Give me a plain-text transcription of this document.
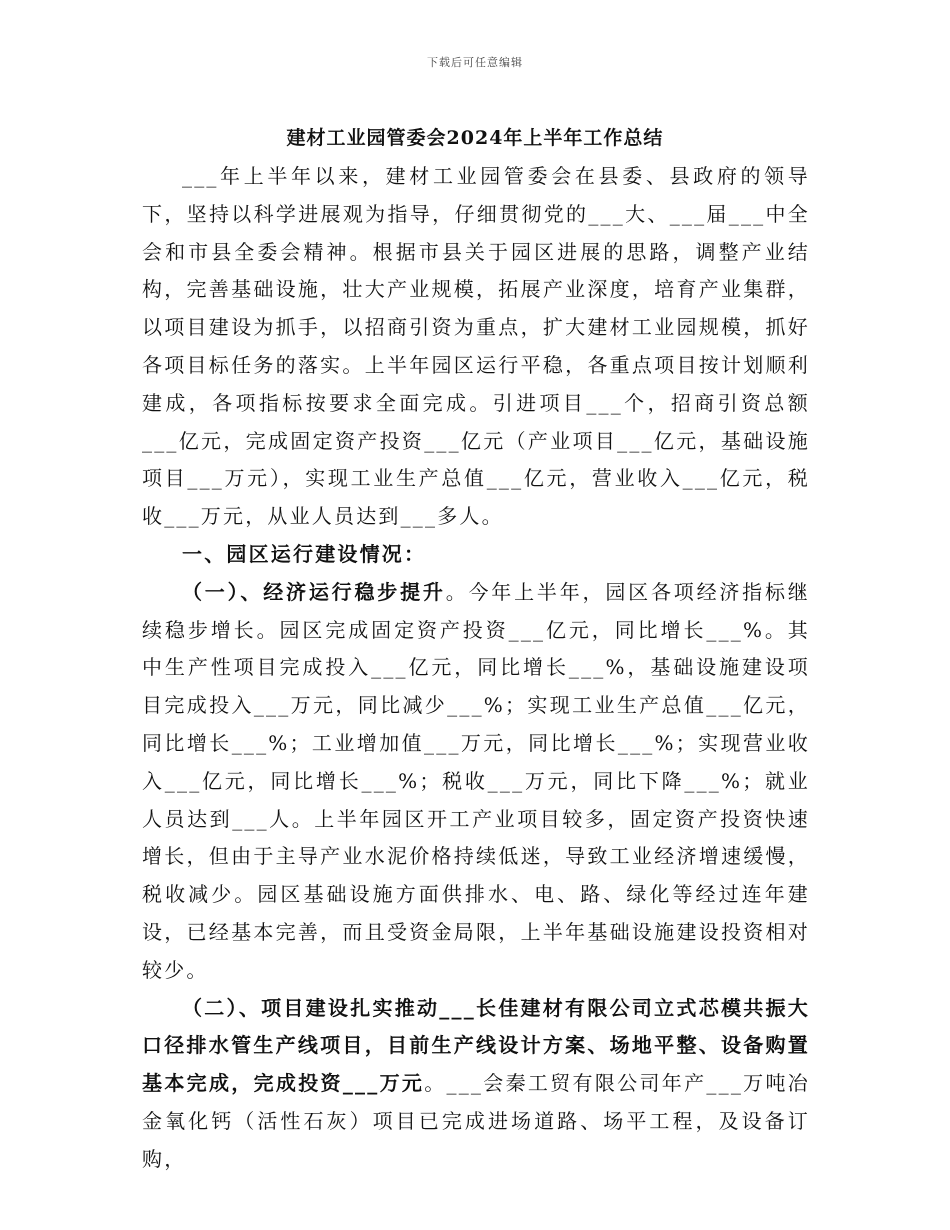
下载后可任意编辑
建材工业园管委会2024年上半年工作总结

___年上半年以来，建材工业园管委会在县委、县政府的领导下，坚持以科学进展观为指导，仔细贯彻党的___大、___届___中全会和市县全委会精神。根据市县关于园区进展的思路，调整产业结构，完善基础设施，壮大产业规模，拓展产业深度，培育产业集群，以项目建设为抓手，以招商引资为重点，扩大建材工业园规模，抓好各项目标任务的落实。上半年园区运行平稳，各重点项目按计划顺利建成，各项指标按要求全面完成。引进项目___个，招商引资总额___亿元，完成固定资产投资___亿元（产业项目___亿元，基础设施项目___万元），实现工业生产总值___亿元，营业收入___亿元，税收___万元，从业人员达到___多人。

一、园区运行建设情况：

（一）、经济运行稳步提升。今年上半年，园区各项经济指标继续稳步增长。园区完成固定资产投资___亿元，同比增长___%。其中生产性项目完成投入___亿元，同比增长___%，基础设施建设项目完成投入___万元，同比减少___%；实现工业生产总值___亿元，同比增长___%；工业增加值___万元，同比增长___%；实现营业收入___亿元，同比增长___%；税收___万元，同比下降___%；就业人员达到___人。上半年园区开工产业项目较多，固定资产投资快速增长，但由于主导产业水泥价格持续低迷，导致工业经济增速缓慢，税收减少。园区基础设施方面供排水、电、路、绿化等经过连年建设，已经基本完善，而且受资金局限，上半年基础设施建设投资相对较少。

（二）、项目建设扎实推动___长佳建材有限公司立式芯模共振大口径排水管生产线项目，目前生产线设计方案、场地平整、设备购置基本完成，完成投资___万元。___会秦工贸有限公司年产___万吨冶金氧化钙（活性石灰）项目已完成进场道路、场平工程，及设备订购，
